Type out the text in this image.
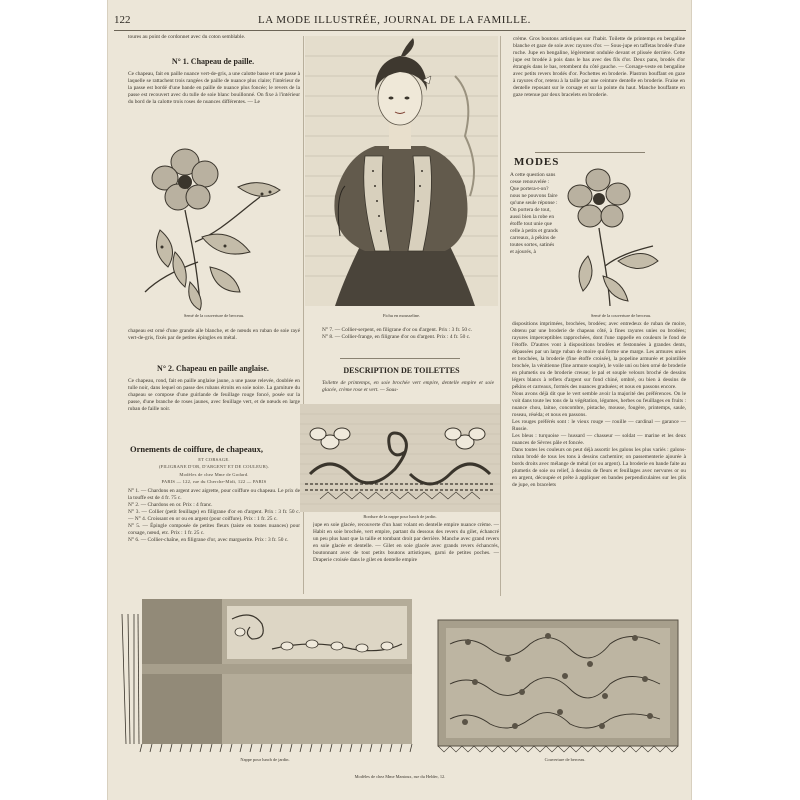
122	LA MODE ILLUSTRÉE, JOURNAL DE LA FAMILLE.
toures au point de cordonnet avec du coton semblable.
N° 1. Chapeau de paille.
Ce chapeau, fait en paille nuance vert-de-gris, a une calotte basse et une passe à laquelle se rattachent trois rangées de paille de nuance plus claire; l'intérieur de la passe est bordé d'une bande en paille de nuance plus foncée; le revers de la passe est recouvert avec du tulle de soie blanc bouillonné. On fixe à l'intérieur du bord de la calotte trois roses de nuances différentes. — Le
Semé de la couverture de berceau.
chapeau est orné d'une grande aile blanche, et de nœuds en ruban de soie rayé vert-de-gris, fixés par de petites épingles en métal.
N° 2. Chapeau en paille anglaise.
Ce chapeau, rond, fait en paille anglaise jaune, a une passe relevée, doublée en tulle noir, dans lequel on passe des rubans étroits en soie noire. La garniture du chapeau se compose d'une guirlande de feuillage rouge foncé, posée sur la passe, d'une branche de roses jaunes, avec feuillage vert, et de nœuds en large ruban de faille noir.
Ornements de coiffure, de chapeaux,
ET CORSAGE.
(FILIGRANE D'OR, D'ARGENT ET DE COULEUR).
Modèles de chez Mme de Godard.
PARIS — 122, rue du Cherche-Midi, 122 — PARIS
N° 1. — Chardons en argent avec aigrette, pour coiffure ou chapeau. Le prix de la touffe est de 4 fr. 75 c.
N° 2. — Chardons en or. Prix : 4 franc.
N° 3. — Collier (petit feuillage) en filigrane d'or en d'argent. Prix : 3 fr. 50 c. — N° 4. Croissant en or ou en argent (pour coiffure). Prix : 1 fr. 25 c.
N° 5. — Épingle composée de petites fleurs (taiste en toutes nuances) pour corsage, nœud, etc. Prix : 1 fr. 25 c.
N° 6. — Collier-chaîne, en filigrane d'or, avec marguerite. Prix : 3 fr. 50 c.
Fichu en mousseline.
N° 7. — Collier-serpent, en filigrane d'or ou d'argent. Prix : 3 fr. 50 c.
N° 8. — Collier-frange, en filigrane d'or ou d'argent. Prix : 4 fr. 50 c.
DESCRIPTION DE TOILETTES
Toilette de printemps, en soie brochée vert empire, dentelle empire et soie glacée, crème rose et vert. — Sous-
Bordure de la nappe pour lunch de jardin.
jupe en soie glacée, recouverte d'un haut volant en dentelle empire nuance crème. — Habit en soie brochée, vert empire, partant du dessous des revers du gilet, échancré un peu plus haut que la taille et tombant droit par derrière. Manche avec grand revers en soie glacée et dentelle. — Gilet en soie glacée avec grands revers échancrés, boutonnant avec de tout petits boutons artistiques, garni de petites poches. — Draperie croisée dans le gilet en dentelle empire
crème. Gros boutons artistiques sur l'habit. Toilette de printemps en bengaline blanche et gaze de soie avec rayures d'or. — Sous-jupe en taffetas brodée d'une ruche. Jupe en bengaline, légèrement ondulée devant et plissée derrière. Cette jupe est brodée à pois dans le bas avec des fils d'or. Deux pans, brodés d'or étrangés dans le bas, retombent du côté gauche. — Corsage-veste en bengaline avec petits revers brodés d'or. Pochettes en broderie. Plastron bouffant en gaze à rayures d'or, retenu à la taille par une ceinture dentelle en broderie. Fraise en dentelle reposant sur le corsage et sur la pointe du haut. Manche bouffante en gaze retenue par deux bracelets en broderie.
MODES
A cette question sans cesse renouvelée : Que portera-t-on? nous ne pouvons faire qu'une seule réponse : On portera de tout, aussi bien la robe en étoffe tout unie que celle à petits et grands carreaux, à pékins de toutes sortes, satinés et ajourés, à
Semé de la couverture de berceau.
dispositions imprimées, brochées, brodées; avec entredeux de ruban de moire, obtenu par une broderie de chapeau côté, à fines rayures unies ou brodées; rayures imperceptibles rapprochées, dont l'une rappelle en couleurs le fond de l'étoffe. D'autres vont à dispositions brodées et festonnées à grandes dents, dépassées par un large ruban de moire qui forme une marge. Les armures unies et brochées, la broderie (fine étoffe croisée), la popeline armurée et pointillée brochée, la vénitienne (fine armure souple), le voile uni ou bien orné de broderie en plumetis ou de broderie creuse; le pal et souple velours broché de dessins légers blancs à reflets d'argent sur fond chiné, ombré, ou bien à dessins de pékins et carreaux, formés des nuances graduées; et nous en passons encore.
Nous avons déjà dit que le vert semble avoir la majorité des préférences. On le voit dans toute les tons de la végétation, légumes, herbes ou feuillages en fruits : nuance chou, laitue, concombre, pistache, mousse, fougère, printemps, saule, roseau, réséda; et nous en passons.
Les rouges préférés sont : le vieux rouge — rouille — cardinal — garance — Russie.
Les bleus : turquoise — hussard — chasseur — soldat — marine et les deux nuances de Sèvres pâle et foncée.
Dans toutes les couleurs on peut déjà assortir les galons les plus variés : galons-ruban brodé de tous les tons à dessins cachemire; on passementerie ajourée à bords droits avec mélange de métal (or ou argent). La broderie en bande faite au plumetis de soie ou relief, à dessins de fleurs et feuillages avec nervures or ou en argent, découpée et prête à appliquer en bandes perpendiculaires sur les plis de jupe, en bracelets
Nappe pour lunch de jardin.	Couverture de berceau.
Modèles de chez Mme Mantoux, rue du Helder, 12.
